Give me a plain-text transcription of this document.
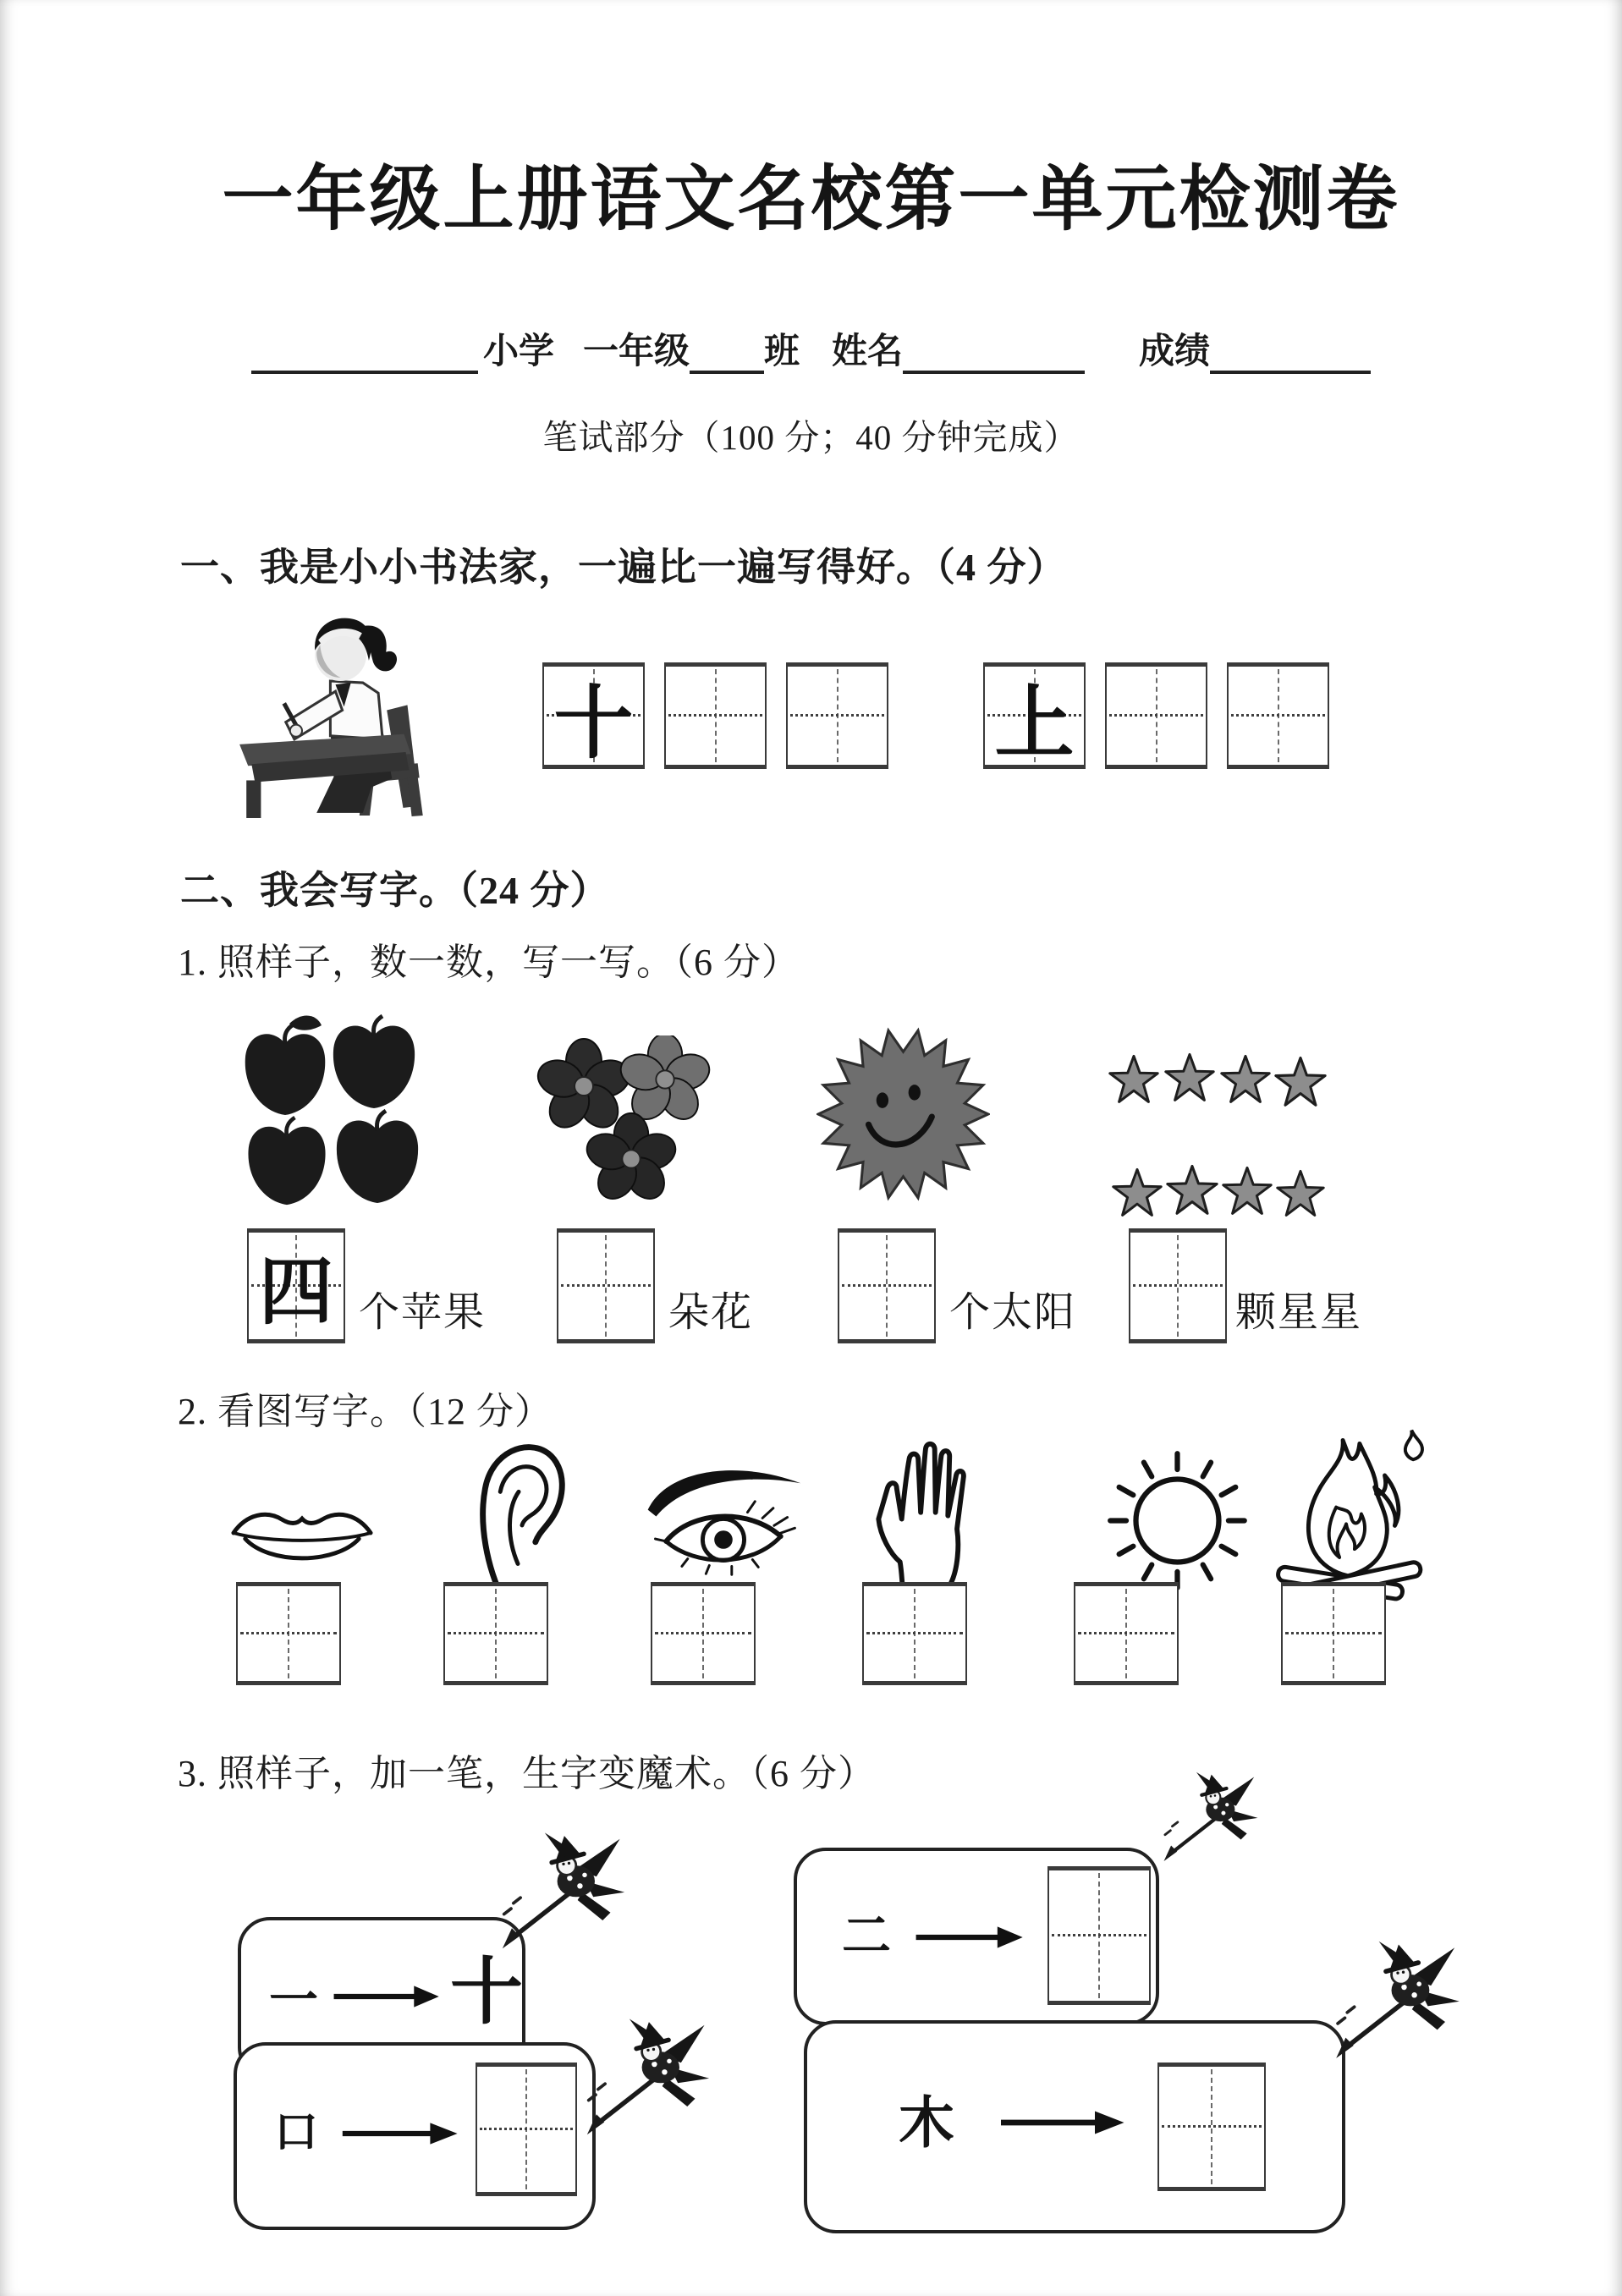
一年级上册语文名校第一单元检测卷
小学 一年级 班 姓名	成绩
笔试部分（100 分；40 分钟完成）
一、我是小小书法家，一遍比一遍写得好。（4 分）
十	上
二、我会写字。（24 分）
1. 照样子，数一数，写一写。（6 分）
四 个苹果	朵花	个太阳	颗星星
2. 看图写字。（12 分）
3. 照样子，加一笔，生字变魔术。（6 分）
一 十
二
口	木
